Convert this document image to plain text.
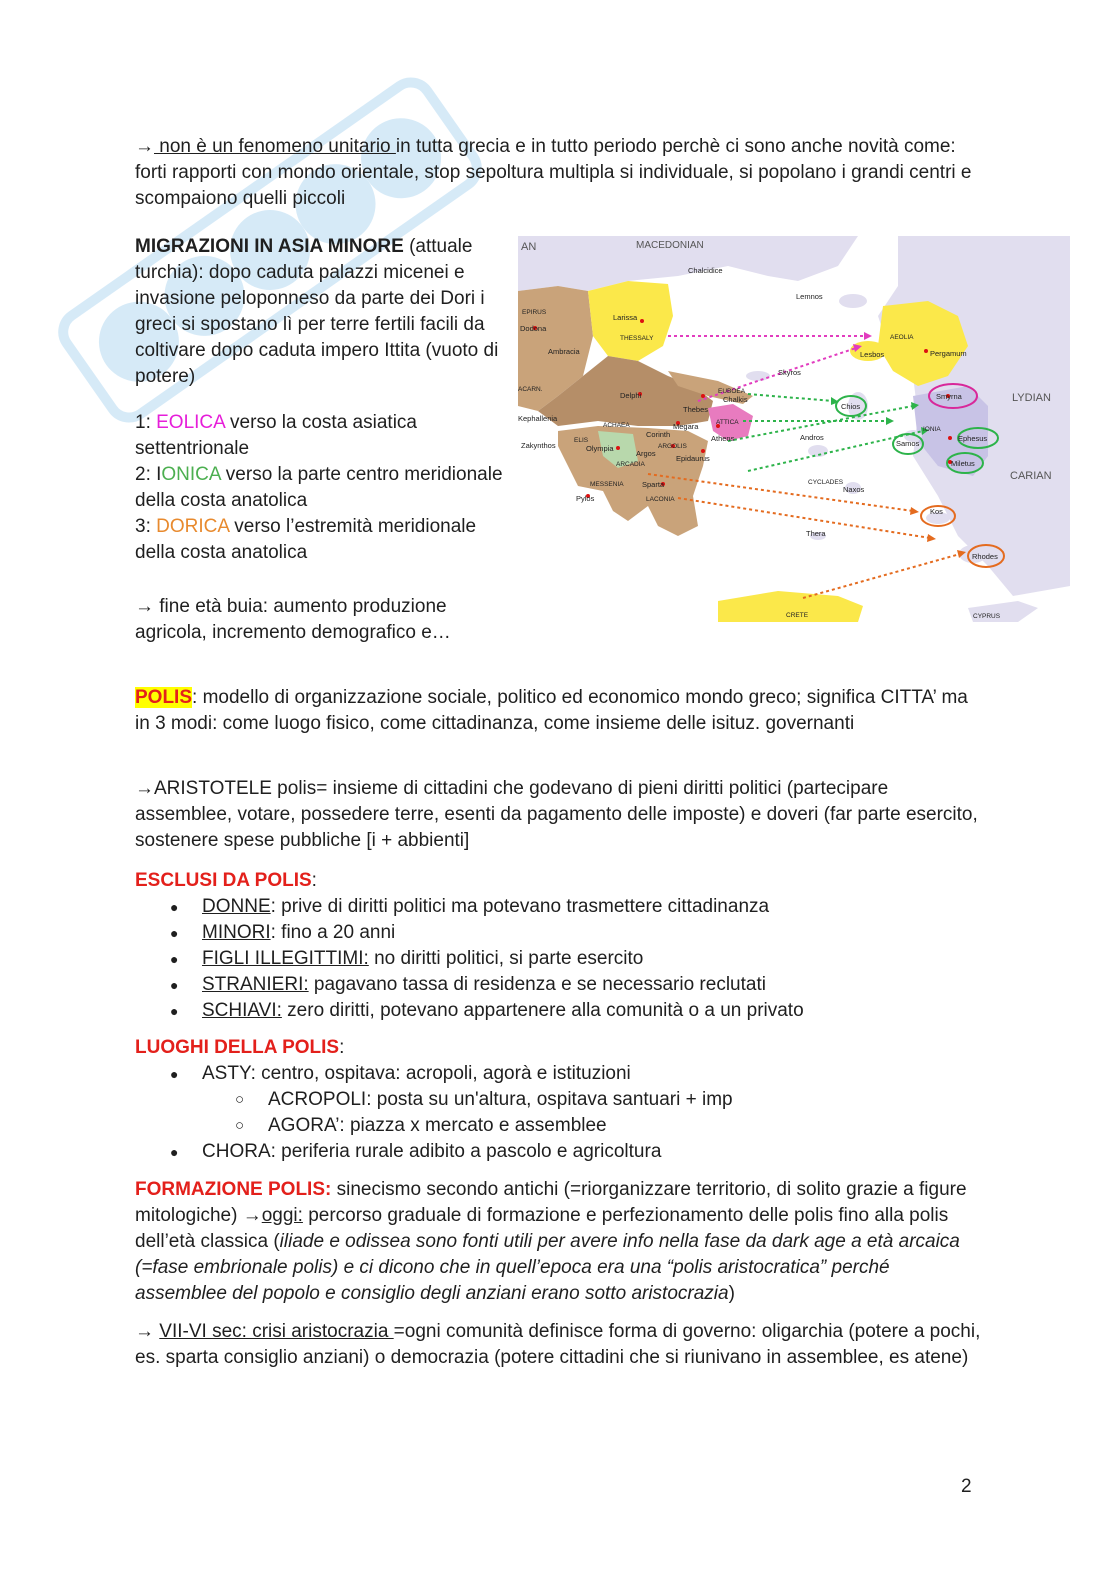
→ non è un fenomeno unitario in tutta grecia e in tutto periodo perchè ci sono anche novità come: forti rapporti con mondo orientale, stop sepoltura multipla si individuale, si popolano i grandi centri e scompaiono quelli piccoli

MIGRAZIONI IN ASIA MINORE (attuale turchia): dopo caduta palazzi micenei e invasione peloponneso da parte dei Dori i greci si spostano lì per terre fertili facili da coltivare dopo caduta impero Ittita (vuoto di potere)

1: EOLICA verso la costa asiatica settentrionale

2: IONICA verso la parte centro meridionale della costa anatolica

3: DORICA verso l’estremità meridionale della costa anatolica

→ fine età buia: aumento produzione agricola, incremento demografico e…

POLIS: modello di organizzazione sociale, politico ed economico mondo greco; significa CITTA’ ma in 3 modi: come luogo fisico, come cittadinanza, come insieme delle isituz. governanti

→ARISTOTELE polis= insieme di cittadini che godevano di pieni diritti politici (partecipare assemblee, votare, possedere terre, esenti da pagamento delle imposte) e doveri (far parte esercito, sostenere spese pubbliche [i + abbienti]

ESCLUSI DA POLIS:

● DONNE: prive di diritti politici ma potevano trasmettere cittadinanza
● MINORI: fino a 20 anni
● FIGLI ILLEGITTIMI: no diritti politici, si parte esercito
● STRANIERI: pagavano tassa di residenza e se necessario reclutati
● SCHIAVI: zero diritti, potevano appartenere alla comunità o a un privato

LUOGHI DELLA POLIS:

● ASTY: centro, ospitava: acropoli, agorà e istituzioni
○ ACROPOLI: posta su un'altura, ospitava santuari + imp
○ AGORA’: piazza x mercato e assemblee
● CHORA: periferia rurale adibito a pascolo e agricoltura

FORMAZIONE POLIS: sinecismo secondo antichi (=riorganizzare territorio, di solito grazie a figure mitologiche) →oggi: percorso graduale di formazione e perfezionamento delle polis fino alla polis dell’età classica (iliade e odissea sono fonti utili per avere info nella fase da dark age a età arcaica (=fase embrionale polis) e ci dicono che in quell’epoca era una “polis aristocratica” perché assemblee del popolo e consiglio degli anziani erano sotto aristocrazia)

→ VII-VI sec: crisi aristocrazia =ogni comunità definisce forma di governo: oligarchia (potere a pochi, es. sparta consiglio anziani) o democrazia (potere cittadini che si riunivano in assemblee, es atene)

AN	MACEDONIAN
LYDIAN
CARIAN
Chalcidice
Lemnos
Larissa
THESSALY	AEOLIA
Lesbos	Pergamum
EPIRUS
Dodona
Ambracia
Skyros
EUBOEA
Chalkis
Delphi
Thebes	Chios
Smyrna
ACARN.
Megara	ATTICA
Athens
Corinth
ACHAEA
ELIS
Olympia
Argos
ARGOLIS
ARCADIA
Epidaurus
Andros
IONIA
Samos
Ephesus
Miletus
CYCLADES
Naxos
MESSENIA Sparta
LACONIA
Pylos
Kos
Thera
Rhodes
CRETE	CYPRUS
Zakynthos
Kephallenia
2
